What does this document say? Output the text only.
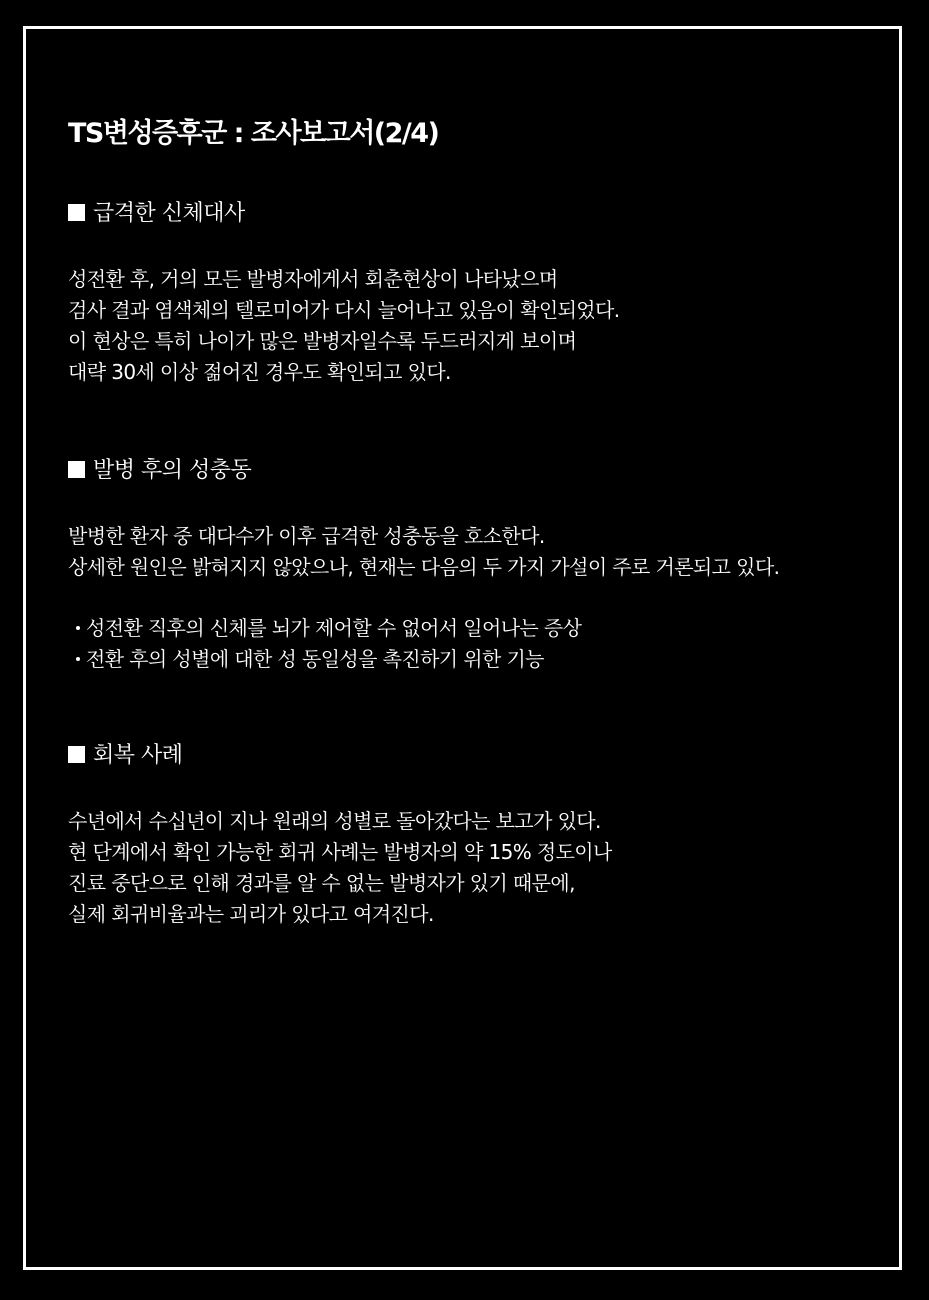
TS변성증후군 : 조사보고서(2/4)
급격한 신체대사
성전환 후, 거의 모든 발병자에게서 회춘현상이 나타났으며
검사 결과 염색체의 텔로미어가 다시 늘어나고 있음이 확인되었다.
이 현상은 특히 나이가 많은 발병자일수록 두드러지게 보이며
대략 30세 이상 젊어진 경우도 확인되고 있다.
발병 후의 성충동
발병한 환자 중 대다수가 이후 급격한 성충동을 호소한다.
상세한 원인은 밝혀지지 않았으나, 현재는 다음의 두 가지 가설이 주로 거론되고 있다.
성전환 직후의 신체를 뇌가 제어할 수 없어서 일어나는 증상
전환 후의 성별에 대한 성 동일성을 촉진하기 위한 기능
회복 사례
수년에서 수십년이 지나 원래의 성별로 돌아갔다는 보고가 있다.
현 단계에서 확인 가능한 회귀 사례는 발병자의 약 15% 정도이나
진료 중단으로 인해 경과를 알 수 없는 발병자가 있기 때문에,
실제 회귀비율과는 괴리가 있다고 여겨진다.
